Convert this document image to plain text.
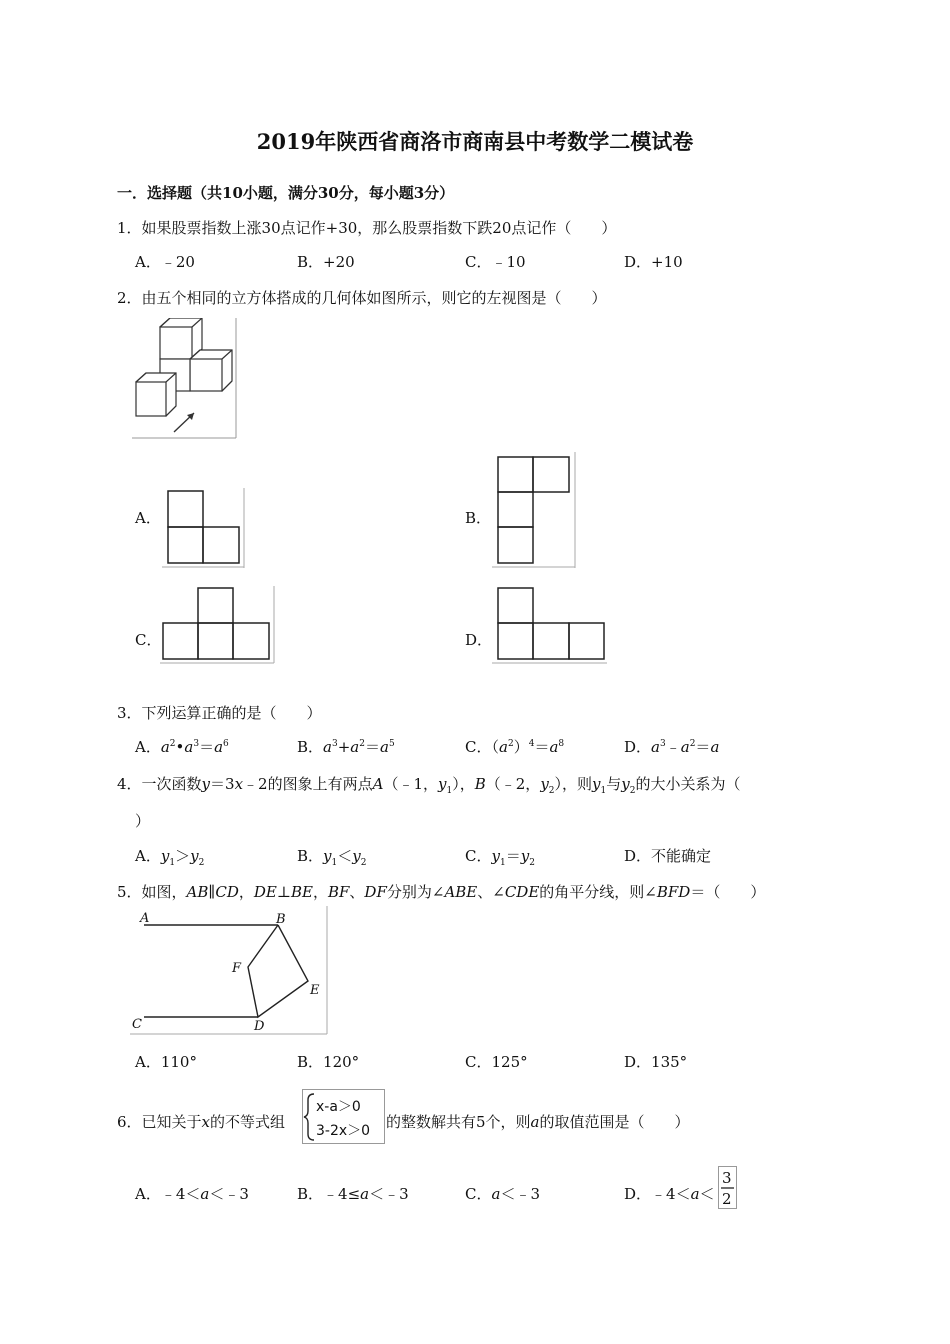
2019年陕西省商洛市商南县中考数学二模试卷
一．选择题（共10小题，满分30分，每小题3分）
1．如果股票指数上涨30点记作+30，那么股票指数下跌20点记作（　　）
A．﹣20	B．+20	C．﹣10	D．+10
2．由五个相同的立方体搭成的几何体如图所示，则它的左视图是（　　）
A．	B．
C．	D．
3．下列运算正确的是（　　）
A．$a^2•a^3=a^6$	B．$a^3+a^2=a^5$	C．$(a^2)^4=a^8$	D．$a^3﹣a^2=a$
4．一次函数y＝3x﹣2的图象上有两点A（﹣1，$y_1$），B（﹣2，$y_2$），则$y_1$与$y_2$的大小关系为（
）
A．$y_1>y_2$	B．$y_1<y_2$	C．$y_1=y_2$	D．不能确定
5．如图，AB∥CD，DE⊥BE，BF、DF分别为∠ABE、∠CDE的角平分线，则∠BFD＝（　　）
A	B
C	D
E
F
A．110°	B．120°	C．125°	D．135°
6．已知关于x的不等式组
x-a＞0
3-2x＞0 的整数解共有5个，则a的取值范围是（　　）
A．﹣4＜a＜﹣3	B．﹣4≤a＜﹣3	C．a＜﹣3	D．﹣4＜a＜
3
2
